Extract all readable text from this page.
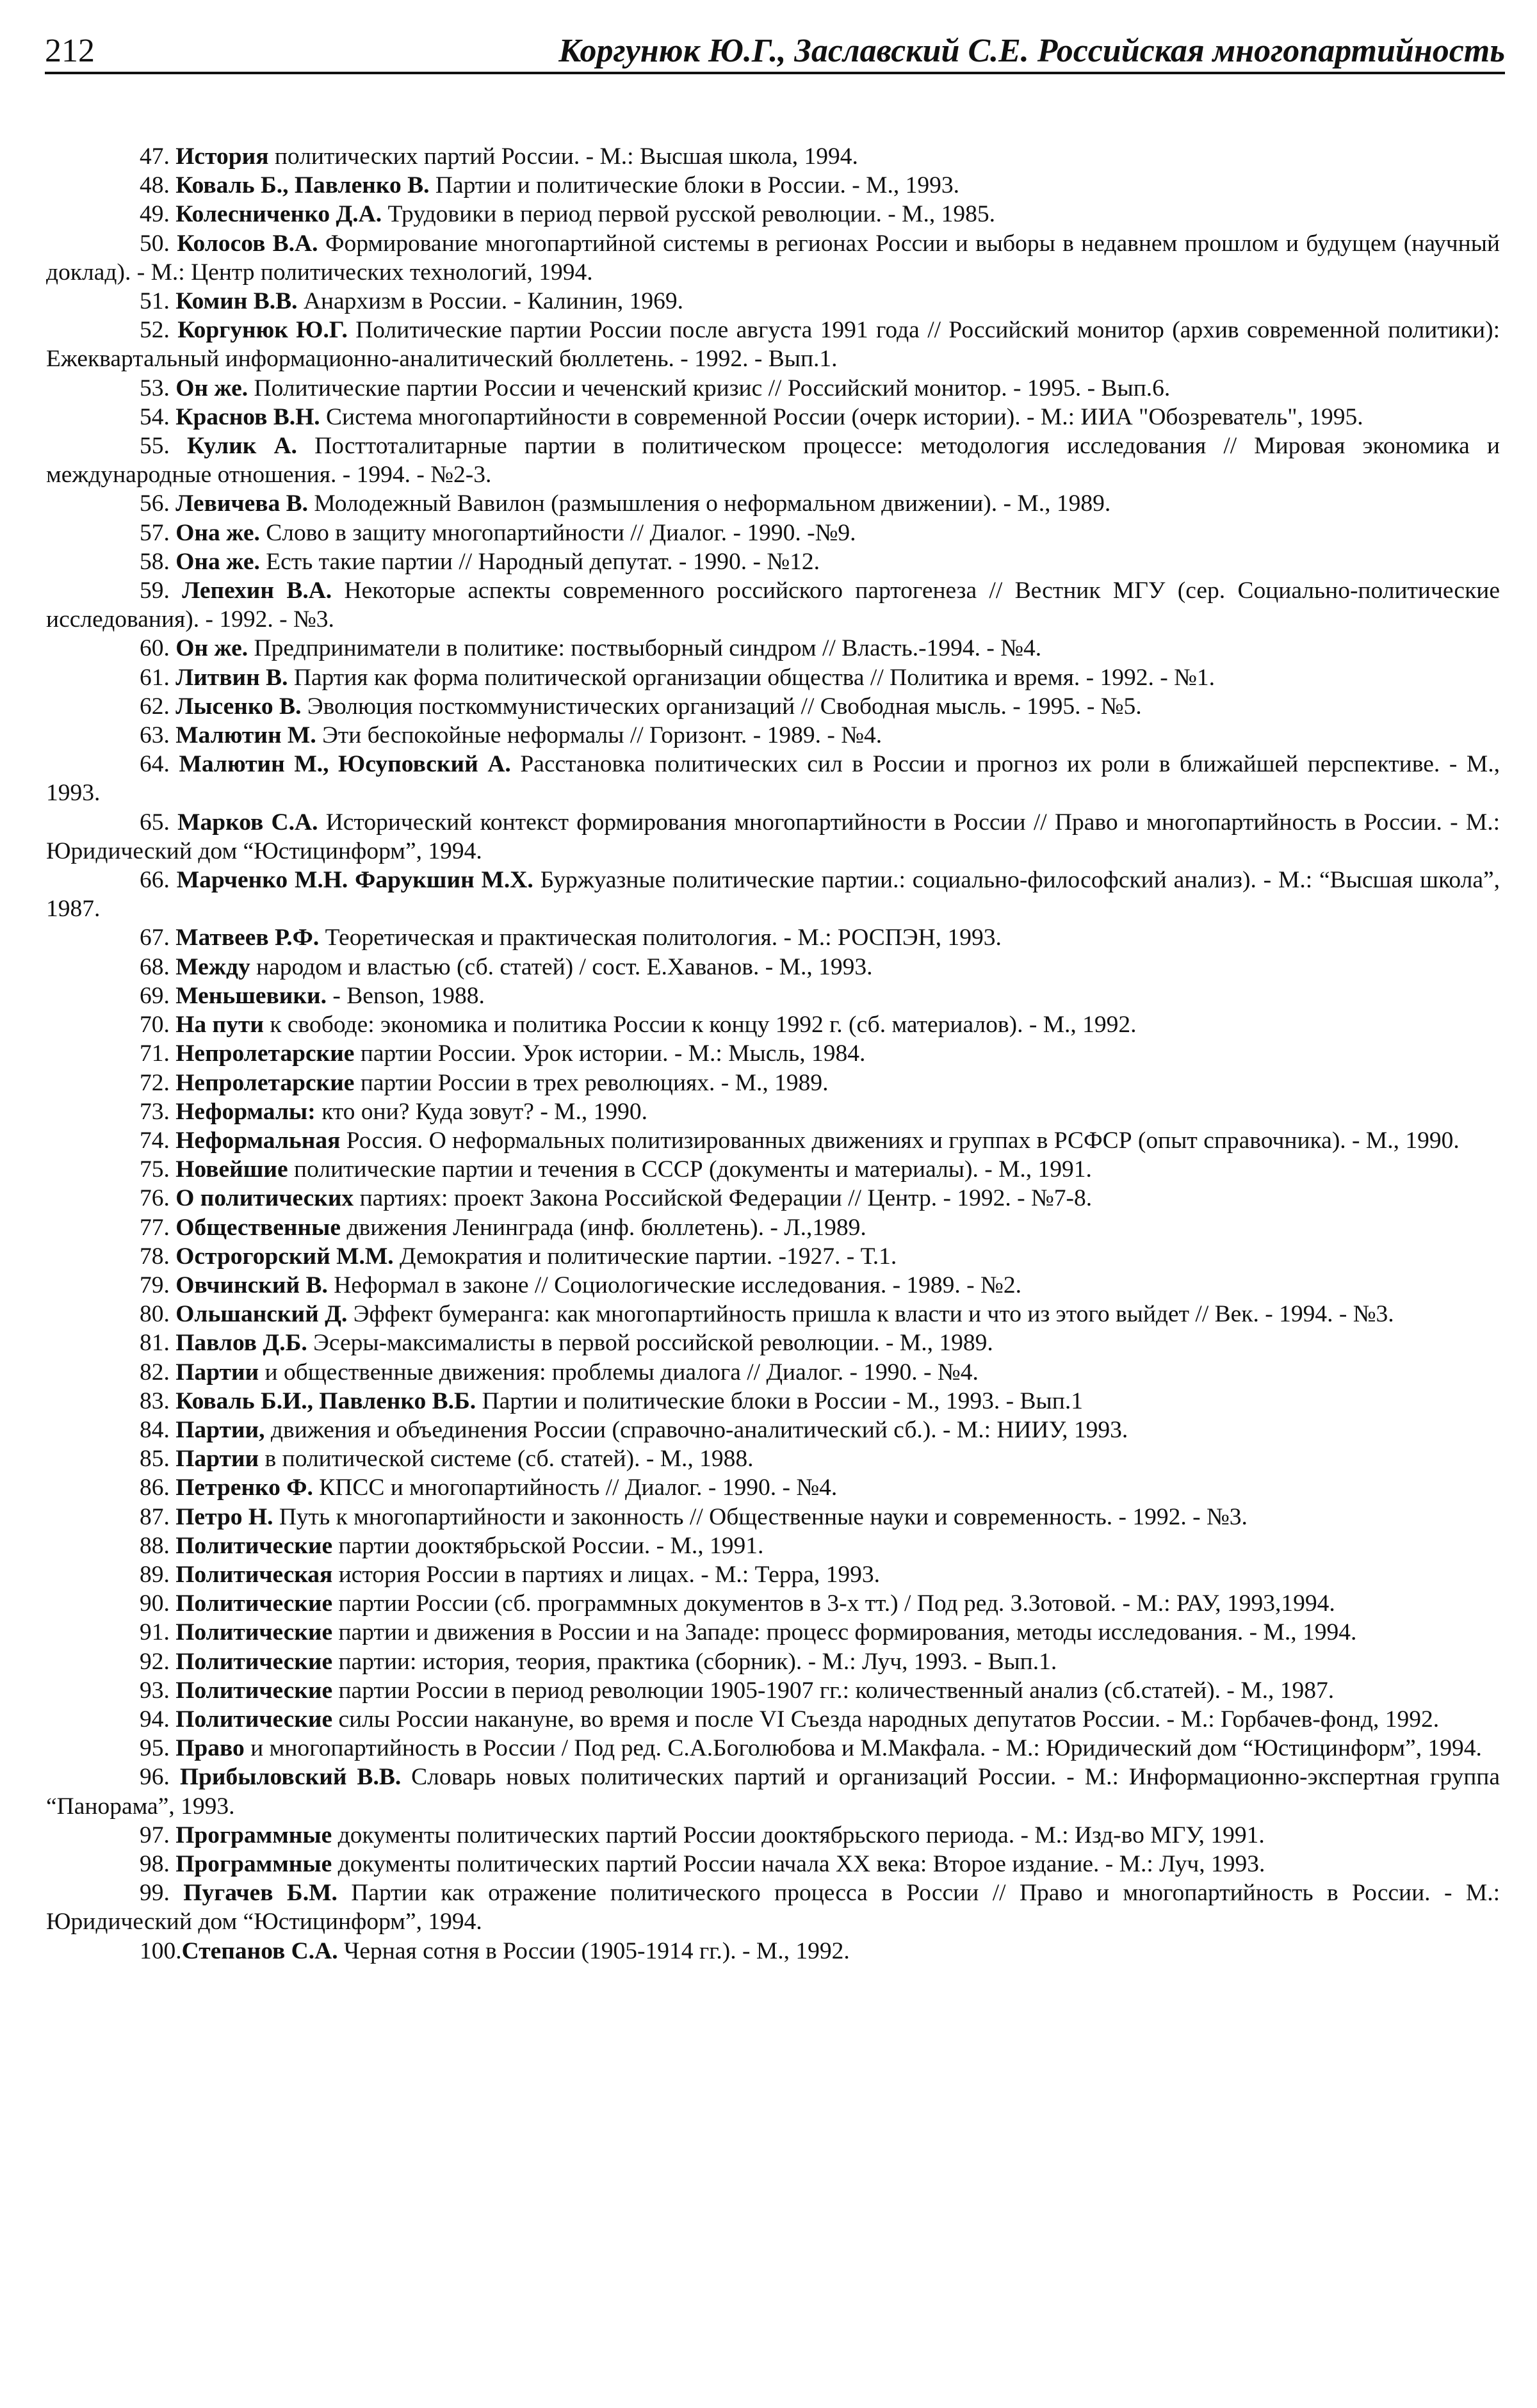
212	Коргунюк Ю.Г., Заславский С.Е. Российская многопартийность

47. История политических партий России. - М.: Высшая школа, 1994.

48. Коваль Б., Павленко В. Партии и политические блоки в России. - М., 1993.

49. Колесниченко Д.А. Трудовики в период первой русской революции. - М., 1985.

50. Колосов В.А. Формирование многопартийной системы в регионах России и выборы в недавнем прошлом и будущем (научный доклад). - М.: Центр политических технологий, 1994.

51. Комин В.В. Анархизм в России. - Калинин, 1969.

52. Коргунюк Ю.Г. Политические партии России после августа 1991 года // Российский монитор (архив современной политики): Ежеквартальный информационно-аналитический бюллетень. - 1992. - Вып.1.

53. Он же. Политические партии России и чеченский кризис // Российский монитор. - 1995. - Вып.6.

54. Краснов В.Н. Система многопартийности в современной России (очерк истории). - М.: ИИА "Обозреватель", 1995.

55. Кулик А. Посттоталитарные партии в политическом процессе: методология исследования // Мировая экономика и международные отношения. - 1994. - №2-3.

56. Левичева В. Молодежный Вавилон (размышления о неформальном движении). - М., 1989.

57. Она же. Слово в защиту многопартийности // Диалог. - 1990. -№9.

58. Она же. Есть такие партии // Народный депутат. - 1990. - №12.

59. Лепехин В.А. Некоторые аспекты современного российского партогенеза // Вестник МГУ (сер. Социально-политические исследования). - 1992. - №3.

60. Он же. Предприниматели в политике: поствыборный синдром // Власть.-1994. - №4.

61. Литвин В. Партия как форма политической организации общества // Политика и время. - 1992. - №1.

62. Лысенко В. Эволюция посткоммунистических организаций // Свободная мысль. - 1995. - №5.

63. Малютин М. Эти беспокойные неформалы // Горизонт. - 1989. - №4.

64. Малютин М., Юсуповский А. Расстановка политических сил в России и прогноз их роли в ближайшей перспективе. - М., 1993.

65. Марков С.А. Исторический контекст формирования многопартийности в России // Право и многопартийность в России. - М.: Юридический дом “Юстицинформ”, 1994.

66. Марченко М.Н. Фарукшин М.Х. Буржуазные политические партии.: социально-философский анализ). - М.: “Высшая школа”, 1987.

67. Матвеев Р.Ф. Теоретическая и практическая политология. - М.: РОСПЭН, 1993.

68. Между народом и властью (сб. статей) / сост. Е.Хаванов. - М., 1993.

69. Меньшевики. - Benson, 1988.

70. На пути к свободе: экономика и политика России к концу 1992 г. (сб. материалов). - М., 1992.

71. Непролетарские партии России. Урок истории. - М.: Мысль, 1984.

72. Непролетарские партии России в трех революциях. - М., 1989.

73. Неформалы: кто они? Куда зовут? - М., 1990.

74. Неформальная Россия. О неформальных политизированных движениях и группах в РСФСР (опыт справочника). - М., 1990.

75. Новейшие политические партии и течения в СССР (документы и материалы). - М., 1991.

76. О политических партиях: проект Закона Российской Федерации // Центр. - 1992. - №7-8.

77. Общественные движения Ленинграда (инф. бюллетень). - Л.,1989.

78. Острогорский М.М. Демократия и политические партии. -1927. - Т.1.

79. Овчинский В. Неформал в законе // Социологические исследования. - 1989. - №2.

80. Ольшанский Д. Эффект бумеранга: как многопартийность пришла к власти и что из этого выйдет // Век. - 1994. - №3.

81. Павлов Д.Б. Эсеры-максималисты в первой российской революции. - М., 1989.

82. Партии и общественные движения: проблемы диалога // Диалог. - 1990. - №4.

83. Коваль Б.И., Павленко В.Б. Партии и политические блоки в России - М., 1993. - Вып.1

84. Партии, движения и объединения России (справочно-аналитический сб.). - М.: НИИУ, 1993.

85. Партии в политической системе (сб. статей). - М., 1988.

86. Петренко Ф. КПСС и многопартийность // Диалог. - 1990. - №4.

87. Петро Н. Путь к многопартийности и законность // Общественные науки и современность. - 1992. - №3.

88. Политические партии дооктябрьской России. - М., 1991.

89. Политическая история России в партиях и лицах. - М.: Терра, 1993.

90. Политические партии России (сб. программных документов в 3-х тт.) / Под ред. З.Зотовой. - М.: РАУ, 1993,1994.

91. Политические партии и движения в России и на Западе: процесс формирования, методы исследования. - М., 1994.

92. Политические партии: история, теория, практика (сборник). - М.: Луч, 1993. - Вып.1.

93. Политические партии России в период революции 1905-1907 гг.: количественный анализ (сб.статей). - М., 1987.

94. Политические силы России накануне, во время и после VI Съезда народных депутатов России. - М.: Горбачев-фонд, 1992.

95. Право и многопартийность в России / Под ред. С.А.Боголюбова и М.Макфала. - М.: Юридический дом “Юстицинформ”, 1994.

96. Прибыловский В.В. Словарь новых политических партий и организаций России. - М.: Информационно-экспертная группа “Панорама”, 1993.

97. Программные документы политических партий России дооктябрьского периода. - М.: Изд-во МГУ, 1991.

98. Программные документы политических партий России начала XX века: Второе издание. - М.: Луч, 1993.

99. Пугачев Б.М. Партии как отражение политического процесса в России // Право и многопартийность в России. - М.: Юридический дом “Юстицинформ”, 1994.

100.Степанов С.А. Черная сотня в России (1905-1914 гг.). - М., 1992.
